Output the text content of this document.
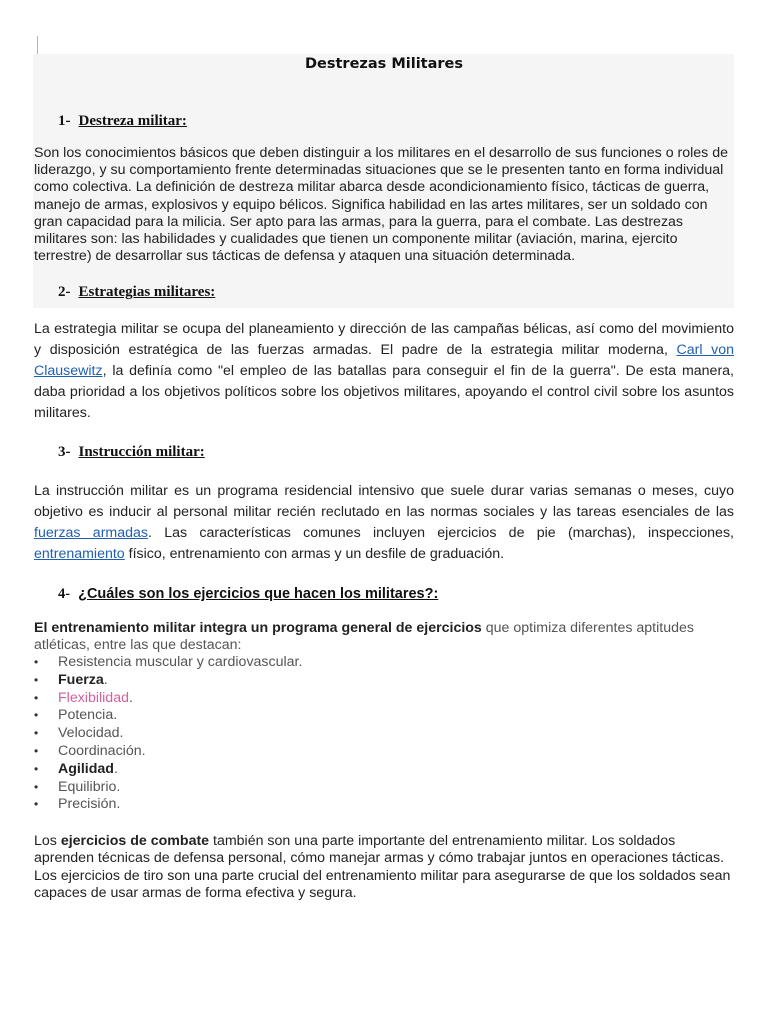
Destrezas Militares
1- Destreza militar:

Son los conocimientos básicos que deben distinguir a los militares en el desarrollo de sus funciones o roles de liderazgo, y su comportamiento frente determinadas situaciones que se le presenten tanto en forma individual como colectiva. La definición de destreza militar abarca desde acondicionamiento físico, tácticas de guerra, manejo de armas, explosivos y equipo bélicos. Significa habilidad en las artes militares, ser un soldado con gran capacidad para la milicia. Ser apto para las armas, para la guerra, para el combate. Las destrezas militares son: las habilidades y cualidades que tienen un componente militar (aviación, marina, ejercito terrestre) de desarrollar sus tácticas de defensa y ataquen una situación determinada.

2- Estrategias militares:

La estrategia militar se ocupa del planeamiento y dirección de las campañas bélicas, así como del movimiento y disposición estratégica de las fuerzas armadas. El padre de la estrategia militar moderna, Carl von Clausewitz, la definía como "el empleo de las batallas para conseguir el fin de la guerra". De esta manera, daba prioridad a los objetivos políticos sobre los objetivos militares, apoyando el control civil sobre los asuntos militares.

3- Instrucción militar:

La instrucción militar es un programa residencial intensivo que suele durar varias semanas o meses, cuyo objetivo es inducir al personal militar recién reclutado en las normas sociales y las tareas esenciales de las fuerzas armadas. Las características comunes incluyen ejercicios de pie (marchas), inspecciones, entrenamiento físico, entrenamiento con armas y un desfile de graduación.

4- ¿Cuáles son los ejercicios que hacen los militares?:

El entrenamiento militar integra un programa general de ejercicios que optimiza diferentes aptitudes atléticas, entre las que destacan:

• Resistencia muscular y cardiovascular.
• Fuerza.
• Flexibilidad.
• Potencia.
• Velocidad.
• Coordinación.
• Agilidad.
• Equilibrio.
• Precisión.

Los ejercicios de combate también son una parte importante del entrenamiento militar. Los soldados aprenden técnicas de defensa personal, cómo manejar armas y cómo trabajar juntos en operaciones tácticas. Los ejercicios de tiro son una parte crucial del entrenamiento militar para asegurarse de que los soldados sean capaces de usar armas de forma efectiva y segura.
